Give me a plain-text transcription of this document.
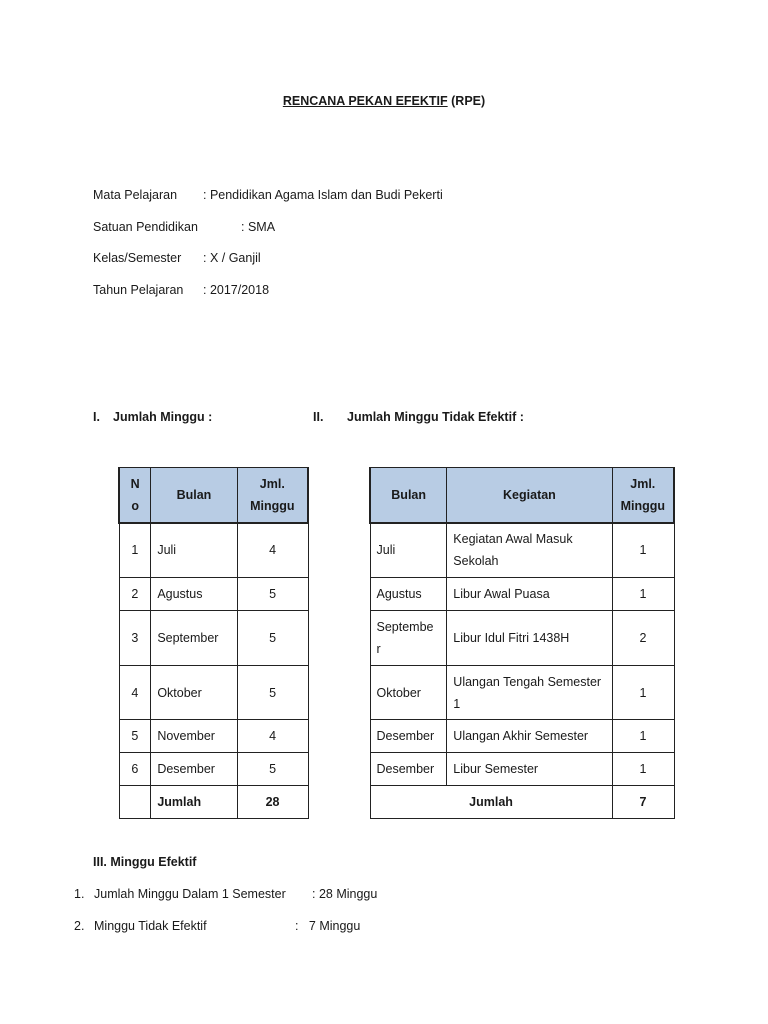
RENCANA PEKAN EFEKTIF (RPE)
Mata Pelajaran : Pendidikan Agama Islam dan Budi Pekerti
Satuan Pendidikan	: SMA
Kelas/Semester : X / Ganjil
Tahun Pelajaran : 2017/2018
I. Jumlah Minggu :	II. Jumlah Minggu Tidak Efektif :
N o	Bulan	Jml. Minggu
1	Juli	4
2	Agustus	5
3	September	5
4	Oktober	5
5	November	4
6	Desember	5
	Jumlah	28
Bulan	Kegiatan	Jml. Minggu
Juli	Kegiatan Awal Masuk Sekolah	1
Agustus	Libur Awal Puasa	1
Septembe r	Libur Idul Fitri 1438H	2
Oktober	Ulangan Tengah Semester 1	1
Desember	Ulangan Akhir Semester	1
Desember	Libur Semester	1
Jumlah		7
III. Minggu Efektif
1. Jumlah Minggu Dalam 1 Semester : 28 Minggu
2. Minggu Tidak Efektif	:   7 Minggu
